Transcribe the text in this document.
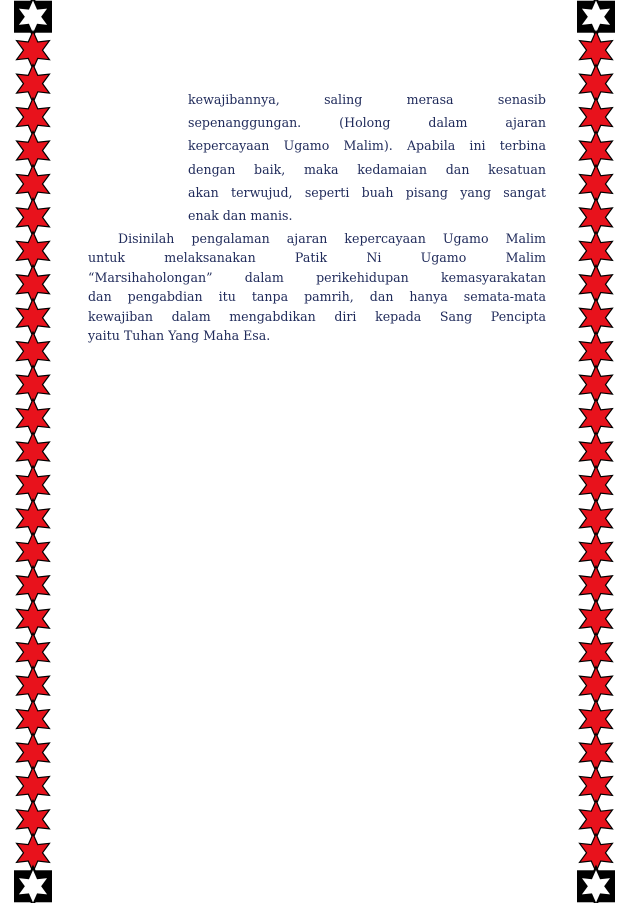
kewajibannya, saling merasa senasib
sepenanggungan. (Holong dalam ajaran
kepercayaan Ugamo Malim). Apabila ini terbina
dengan baik, maka kedamaian dan kesatuan
akan terwujud, seperti buah pisang yang sangat
enak dan manis.
Disinilah pengalaman ajaran kepercayaan Ugamo Malim
untuk melaksanakan Patik Ni Ugamo Malim
“Marsihaholongan” dalam perikehidupan kemasyarakatan
dan pengabdian itu tanpa pamrih, dan hanya semata-mata
kewajiban dalam mengabdikan diri kepada Sang Pencipta
yaitu Tuhan Yang Maha Esa.
